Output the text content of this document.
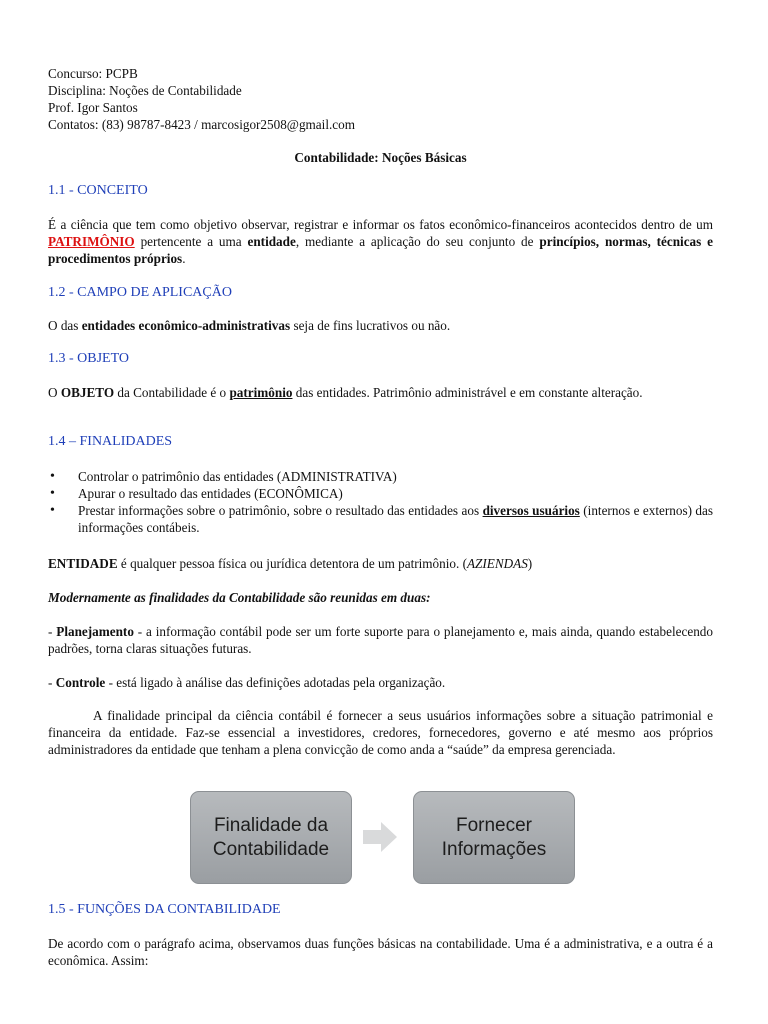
Concurso: PCPB
Disciplina: Noções de Contabilidade
Prof. Igor Santos
Contatos: (83) 98787-8423 / marcosigor2508@gmail.com
Contabilidade: Noções Básicas
1.1 - CONCEITO
É a ciência que tem como objetivo observar, registrar e informar os fatos econômico-financeiros acontecidos dentro de um PATRIMÔNIO pertencente a uma entidade, mediante a aplicação do seu conjunto de princípios, normas, técnicas e procedimentos próprios.
1.2 - CAMPO DE APLICAÇÃO
O das entidades econômico-administrativas seja de fins lucrativos ou não.
1.3 - OBJETO
O OBJETO da Contabilidade é o patrimônio das entidades. Patrimônio administrável e em constante alteração.
1.4 – FINALIDADES
• Controlar o patrimônio das entidades (ADMINISTRATIVA)
• Apurar o resultado das entidades (ECONÔMICA)
• Prestar informações sobre o patrimônio, sobre o resultado das entidades aos diversos usuários (internos e externos) das informações contábeis.
ENTIDADE é qualquer pessoa física ou jurídica detentora de um patrimônio. (AZIENDAS)
Modernamente as finalidades da Contabilidade são reunidas em duas:
- Planejamento - a informação contábil pode ser um forte suporte para o planejamento e, mais ainda, quando estabelecendo padrões, torna claras situações futuras.
- Controle - está ligado à análise das definições adotadas pela organização.
A finalidade principal da ciência contábil é fornecer a seus usuários informações sobre a situação patrimonial e financeira da entidade. Faz-se essencial a investidores, credores, fornecedores, governo e até mesmo aos próprios administradores da entidade que tenham a plena convicção de como anda a “saúde” da empresa gerenciada.
Finalidade da
Contabilidade
Fornecer
Informações
1.5 - FUNÇÕES DA CONTABILIDADE
De acordo com o parágrafo acima, observamos duas funções básicas na contabilidade. Uma é a administrativa, e a outra é a econômica. Assim:
